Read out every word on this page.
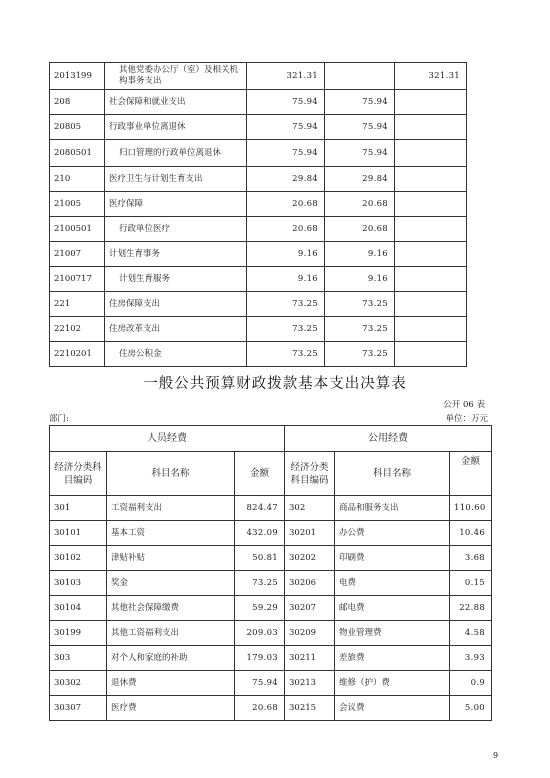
2013199	其他党委办公厅（室）及相关机构事务支出	321.31		321.31
208	社会保障和就业支出	75.94	75.94	
20805	行政事业单位离退休	75.94	75.94	
2080501	归口管理的行政单位离退休	75.94	75.94	
210	医疗卫生与计划生育支出	29.84	29.84	
21005	医疗保障	20.68	20.68	
2100501	行政单位医疗	20.68	20.68	
21007	计划生育事务	9.16	9.16	
2100717	计划生育服务	9.16	9.16	
221	住房保障支出	73.25	73.25	
22102	住房改革支出	73.25	73.25	
2210201	住房公积金	73.25	73.25	
一般公共预算财政拨款基本支出决算表
公开 06 表
部门:	单位：万元
人员经费			公用经费		
经济分类科目编码	科目名称	金额	经济分类科目编码	科目名称	金额
301	工资福利支出	824.47	302	商品和服务支出	110.60
30101	基本工资	432.09	30201	办公费	10.46
30102	津贴补贴	50.81	30202	印刷费	3.68
30103	奖金	73.25	30206	电费	0.15
30104	其他社会保障缴费	59.29	30207	邮电费	22.88
30199	其他工资福利支出	209.03	30209	物业管理费	4.58
303	对个人和家庭的补助	179.03	30211	差旅费	3.93
30302	退休费	75.94	30213	维修（护）费	0.9
30307	医疗费	20.68	30215	会议费	5.00
9
